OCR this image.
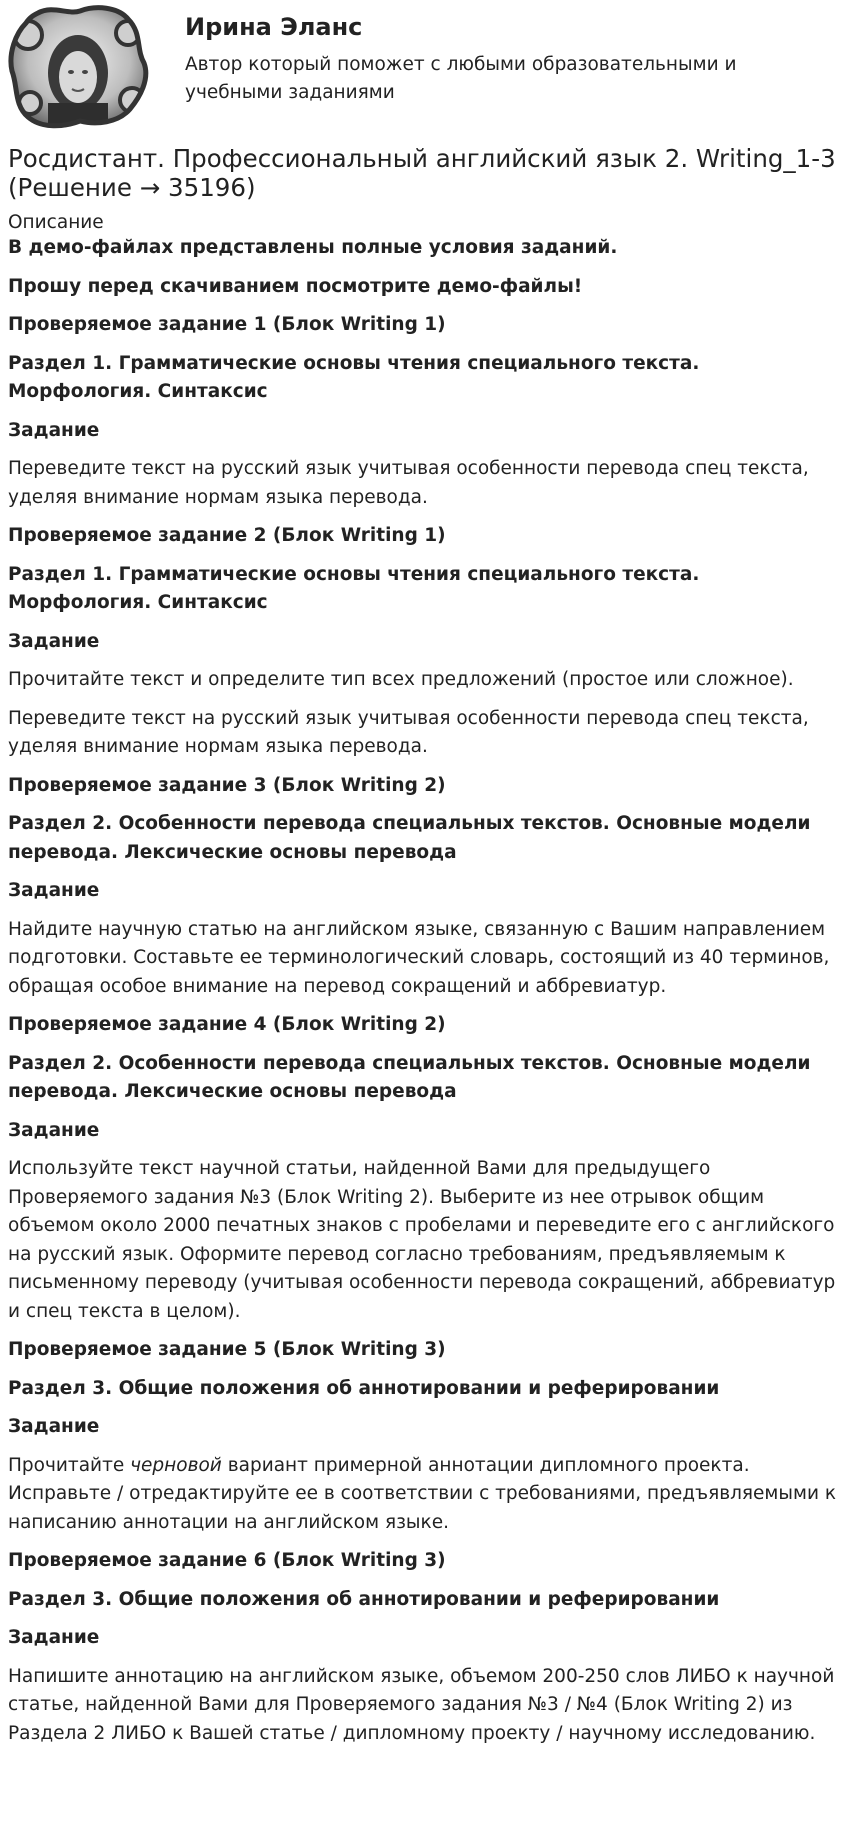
Ирина Эланс
Автор который поможет с любыми образовательными и учебными заданиями
Росдистант. Профессиональный английский язык 2. Writing_1-3 (Решение → 35196)
Описание

В демо-файлах представлены полные условия заданий.

Прошу перед скачиванием посмотрите демо-файлы!

Проверяемое задание 1 (Блок Writing 1)

Раздел 1. Грамматические основы чтения специального текста. Морфология. Синтаксис

Задание

Переведите текст на русский язык учитывая особенности перевода спец текста, уделяя внимание нормам языка перевода.

Проверяемое задание 2 (Блок Writing 1)

Раздел 1. Грамматические основы чтения специального текста. Морфология. Синтаксис

Задание

Прочитайте текст и определите тип всех предложений (простое или сложное).

Переведите текст на русский язык учитывая особенности перевода спец текста, уделяя внимание нормам языка перевода.

Проверяемое задание 3 (Блок Writing 2)

Раздел 2. Особенности перевода специальных текстов. Основные модели перевода. Лексические основы перевода

Задание

Найдите научную статью на английском языке, связанную с Вашим направлением подготовки. Составьте ее терминологический словарь, состоящий из 40 терминов, обращая особое внимание на перевод сокращений и аббревиатур.

Проверяемое задание 4 (Блок Writing 2)

Раздел 2. Особенности перевода специальных текстов. Основные модели перевода. Лексические основы перевода

Задание

Используйте текст научной статьи, найденной Вами для предыдущего Проверяемого задания №3 (Блок Writing 2). Выберите из нее отрывок общим объемом около 2000 печатных знаков с пробелами и переведите его с английского на русский язык. Оформите перевод согласно требованиям, предъявляемым к письменному переводу (учитывая особенности перевода сокращений, аббревиатур и спец текста в целом).

Проверяемое задание 5 (Блок Writing 3)

Раздел 3. Общие положения об аннотировании и реферировании

Задание

Прочитайте черновой вариант примерной аннотации дипломного проекта. Исправьте / отредактируйте ее в соответствии с требованиями, предъявляемыми к написанию аннотации на английском языке.

Проверяемое задание 6 (Блок Writing 3)

Раздел 3. Общие положения об аннотировании и реферировании

Задание

Напишите аннотацию на английском языке, объемом 200-250 слов ЛИБО к научной статье, найденной Вами для Проверяемого задания №3 / №4 (Блок Writing 2) из Раздела 2 ЛИБО к Вашей статье / дипломному проекту / научному исследованию.
